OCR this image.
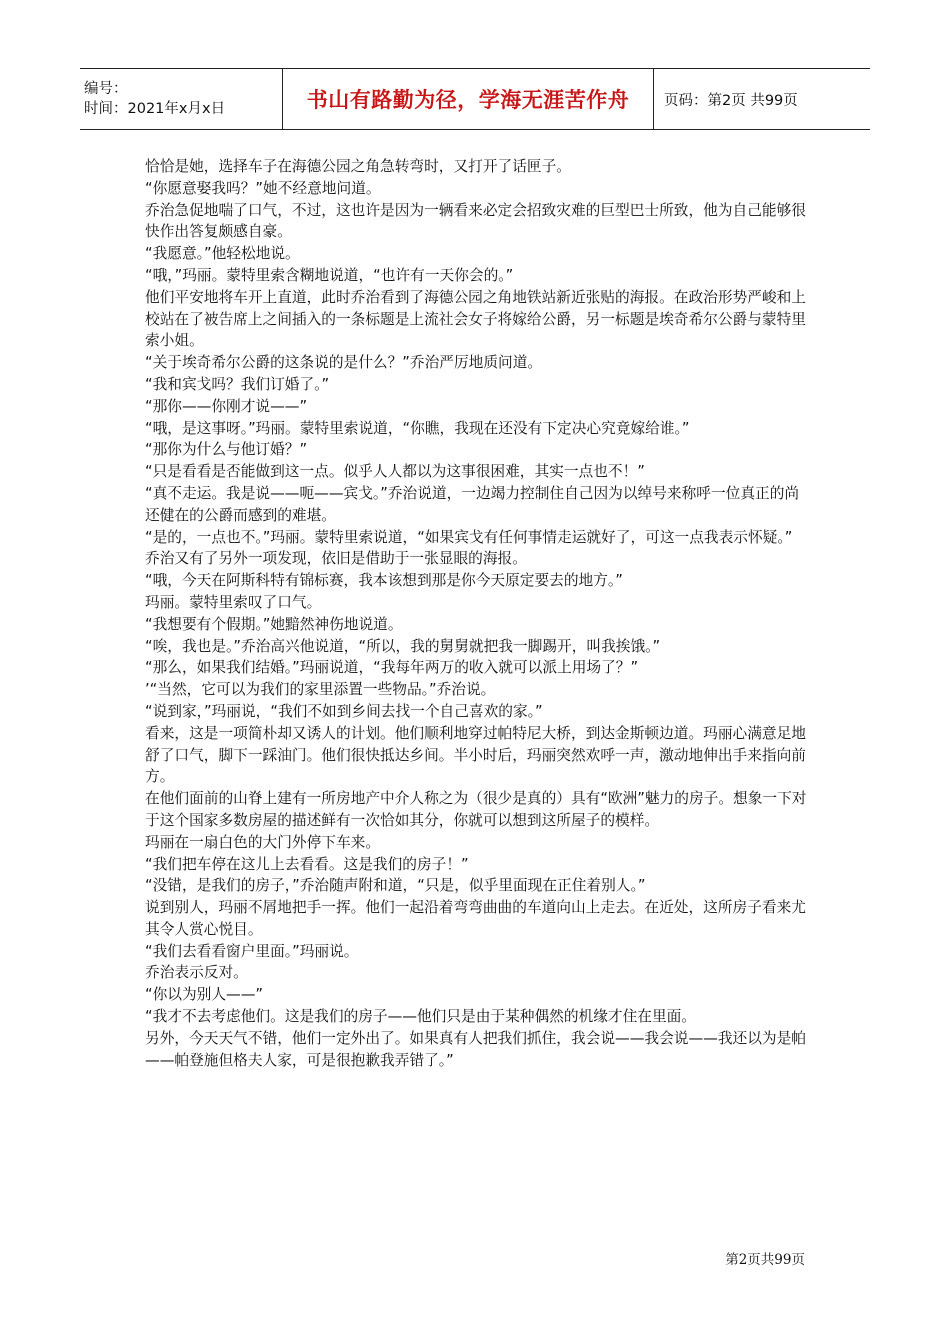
编号：
时间：2021年x月x日	书山有路勤为径，学海无涯苦作舟 页码：第2页 共99页

恰恰是她，选择车子在海德公园之角急转弯时，又打开了话匣子。

“你愿意娶我吗？”她不经意地问道。

乔治急促地喘了口气，不过，这也许是因为一辆看来必定会招致灾难的巨型巴士所致，他为自己能够很快作出答复颇感自豪。

“我愿意。”他轻松地说。

“哦，”玛丽。蒙特里索含糊地说道，“也许有一天你会的。”

他们平安地将车开上直道，此时乔治看到了海德公园之角地铁站新近张贴的海报。在政治形势严峻和上校站在了被告席上之间插入的一条标题是上流社会女子将嫁给公爵，另一标题是埃奇希尔公爵与蒙特里索小姐。

“关于埃奇希尔公爵的这条说的是什么？”乔治严厉地质问道。

“我和宾戈吗？我们订婚了。”

“那你——你刚才说——”

“哦，是这事呀。”玛丽。蒙特里索说道，“你瞧，我现在还没有下定决心究竟嫁给谁。”

“那你为什么与他订婚？”

“只是看看是否能做到这一点。似乎人人都以为这事很困难，其实一点也不！”

“真不走运。我是说——呃——宾戈。”乔治说道，一边竭力控制住自己因为以绰号来称呼一位真正的尚还健在的公爵而感到的难堪。

“是的，一点也不。”玛丽。蒙特里索说道，“如果宾戈有任何事情走运就好了，可这一点我表示怀疑。”

乔治又有了另外一项发现，依旧是借助于一张显眼的海报。

“哦，今天在阿斯科特有锦标赛，我本该想到那是你今天原定要去的地方。”

玛丽。蒙特里索叹了口气。

“我想要有个假期。”她黯然神伤地说道。

“唉，我也是。”乔治高兴他说道，“所以，我的舅舅就把我一脚踢开，叫我挨饿。”

“那么，如果我们结婚。”玛丽说道，“我每年两万的收入就可以派上用场了？”

’“当然，它可以为我们的家里添置一些物品。”乔治说。

“说到家，”玛丽说，“我们不如到乡间去找一个自己喜欢的家。”

看来，这是一项简朴却又诱人的计划。他们顺利地穿过帕特尼大桥，到达金斯顿边道。玛丽心满意足地舒了口气，脚下一踩油门。他们很快抵达乡间。半小时后，玛丽突然欢呼一声，激动地伸出手来指向前方。

在他们面前的山脊上建有一所房地产中介人称之为（很少是真的）具有“欧洲”魅力的房子。想象一下对于这个国家多数房屋的描述鲜有一次恰如其分，你就可以想到这所屋子的模样。

玛丽在一扇白色的大门外停下车来。

“我们把车停在这儿上去看看。这是我们的房子！”

“没错，是我们的房子，”乔治随声附和道，“只是，似乎里面现在正住着别人。”

说到别人，玛丽不屑地把手一挥。他们一起沿着弯弯曲曲的车道向山上走去。在近处，这所房子看来尤其令人赏心悦目。

“我们去看看窗户里面。”玛丽说。

乔治表示反对。

“你以为别人——”

“我才不去考虑他们。这是我们的房子——他们只是由于某种偶然的机缘才住在里面。

另外，今天天气不错，他们一定外出了。如果真有人把我们抓住，我会说——我会说——我还以为是帕——帕登施但格夫人家，可是很抱歉我弄错了。”

第2页共99页
